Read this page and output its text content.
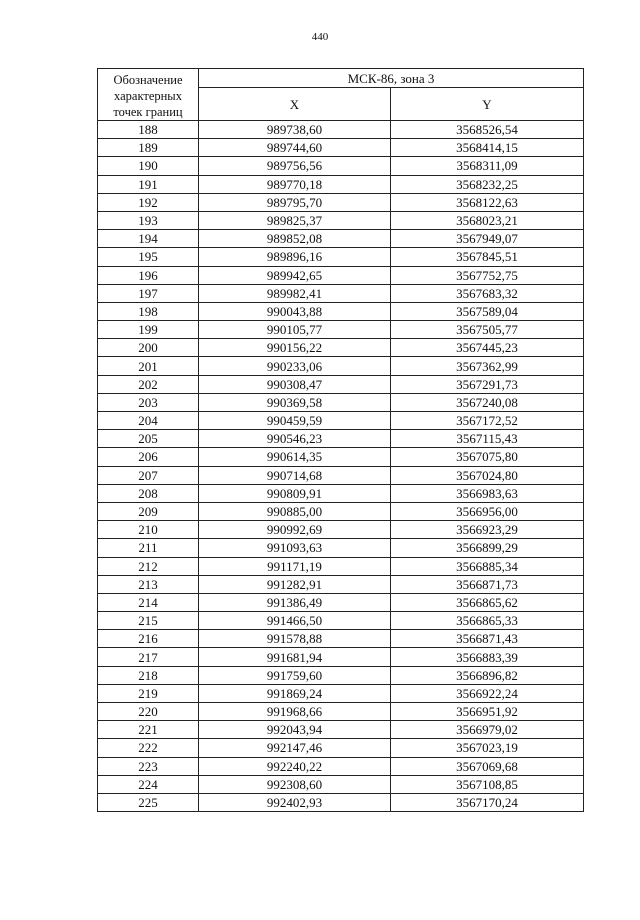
440
Обозначение характерных точек границ	МСК-86, зона 3	
	X	Y
188	989738,60	3568526,54
189	989744,60	3568414,15
190	989756,56	3568311,09
191	989770,18	3568232,25
192	989795,70	3568122,63
193	989825,37	3568023,21
194	989852,08	3567949,07
195	989896,16	3567845,51
196	989942,65	3567752,75
197	989982,41	3567683,32
198	990043,88	3567589,04
199	990105,77	3567505,77
200	990156,22	3567445,23
201	990233,06	3567362,99
202	990308,47	3567291,73
203	990369,58	3567240,08
204	990459,59	3567172,52
205	990546,23	3567115,43
206	990614,35	3567075,80
207	990714,68	3567024,80
208	990809,91	3566983,63
209	990885,00	3566956,00
210	990992,69	3566923,29
211	991093,63	3566899,29
212	991171,19	3566885,34
213	991282,91	3566871,73
214	991386,49	3566865,62
215	991466,50	3566865,33
216	991578,88	3566871,43
217	991681,94	3566883,39
218	991759,60	3566896,82
219	991869,24	3566922,24
220	991968,66	3566951,92
221	992043,94	3566979,02
222	992147,46	3567023,19
223	992240,22	3567069,68
224	992308,60	3567108,85
225	992402,93	3567170,24
